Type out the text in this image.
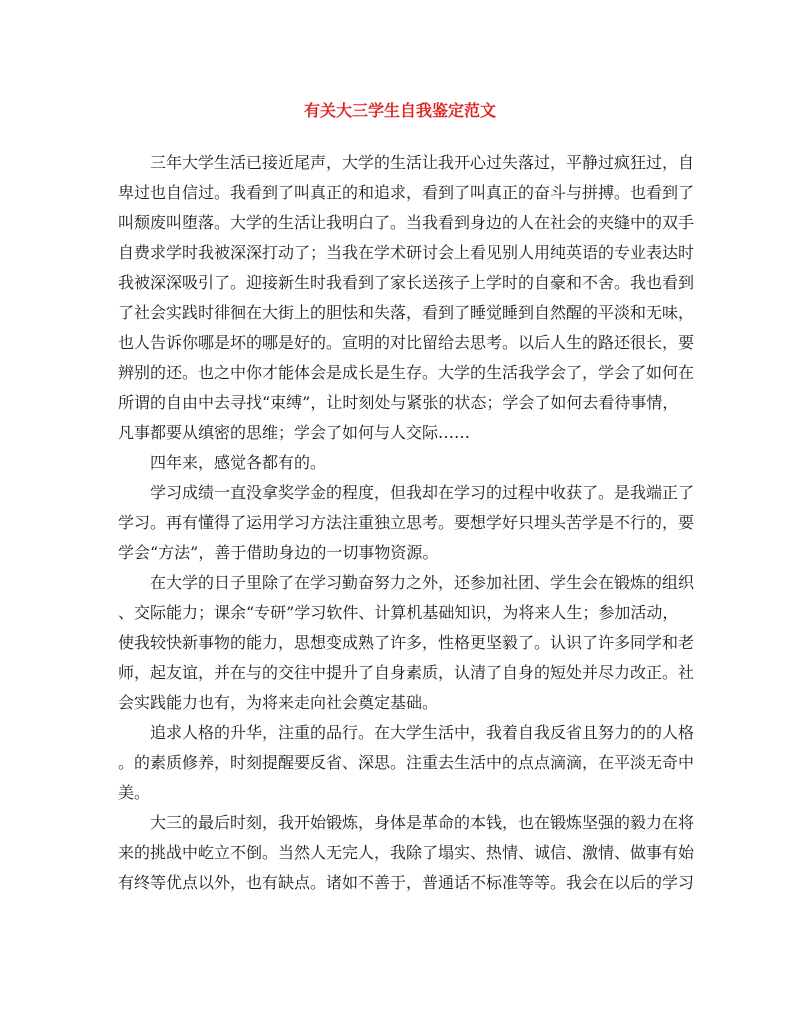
有关大三学生自我鉴定范文
三年大学生活已接近尾声，大学的生活让我开心过失落过，平静过疯狂过，自
卑过也自信过。我看到了叫真正的和追求，看到了叫真正的奋斗与拼搏。也看到了
叫颓废叫堕落。大学的生活让我明白了。当我看到身边的人在社会的夹缝中的双手
自费求学时我被深深打动了；当我在学术研讨会上看见别人用纯英语的专业表达时
我被深深吸引了。迎接新生时我看到了家长送孩子上学时的自豪和不舍。我也看到
了社会实践时徘徊在大街上的胆怯和失落，看到了睡觉睡到自然醒的平淡和无味，
也人告诉你哪是坏的哪是好的。宣明的对比留给去思考。以后人生的路还很长，要
辨别的还。也之中你才能体会是成长是生存。大学的生活我学会了，学会了如何在
所谓的自由中去寻找“束缚”，让时刻处与紧张的状态；学会了如何去看待事情，
凡事都要从缜密的思维；学会了如何与人交际……
四年来，感觉各都有的。
学习成绩一直没拿奖学金的程度，但我却在学习的过程中收获了。是我端正了
学习。再有懂得了运用学习方法注重独立思考。要想学好只埋头苦学是不行的，要
学会“方法”，善于借助身边的一切事物资源。
在大学的日子里除了在学习勤奋努力之外，还参加社团、学生会在锻炼的组织
、交际能力；课余“专研”学习软件、计算机基础知识，为将来人生；参加活动，
使我较快新事物的能力，思想变成熟了许多，性格更坚毅了。认识了许多同学和老
师，起友谊，并在与的交往中提升了自身素质，认清了自身的短处并尽力改正。社
会实践能力也有，为将来走向社会奠定基础。
追求人格的升华，注重的品行。在大学生活中，我着自我反省且努力的的人格
。的素质修养，时刻提醒要反省、深思。注重去生活中的点点滴滴，在平淡无奇中
美。
大三的最后时刻，我开始锻炼，身体是革命的本钱，也在锻炼坚强的毅力在将
来的挑战中屹立不倒。当然人无完人，我除了塌实、热情、诚信、激情、做事有始
有终等优点以外，也有缺点。诸如不善于，普通话不标准等等。我会在以后的学习
